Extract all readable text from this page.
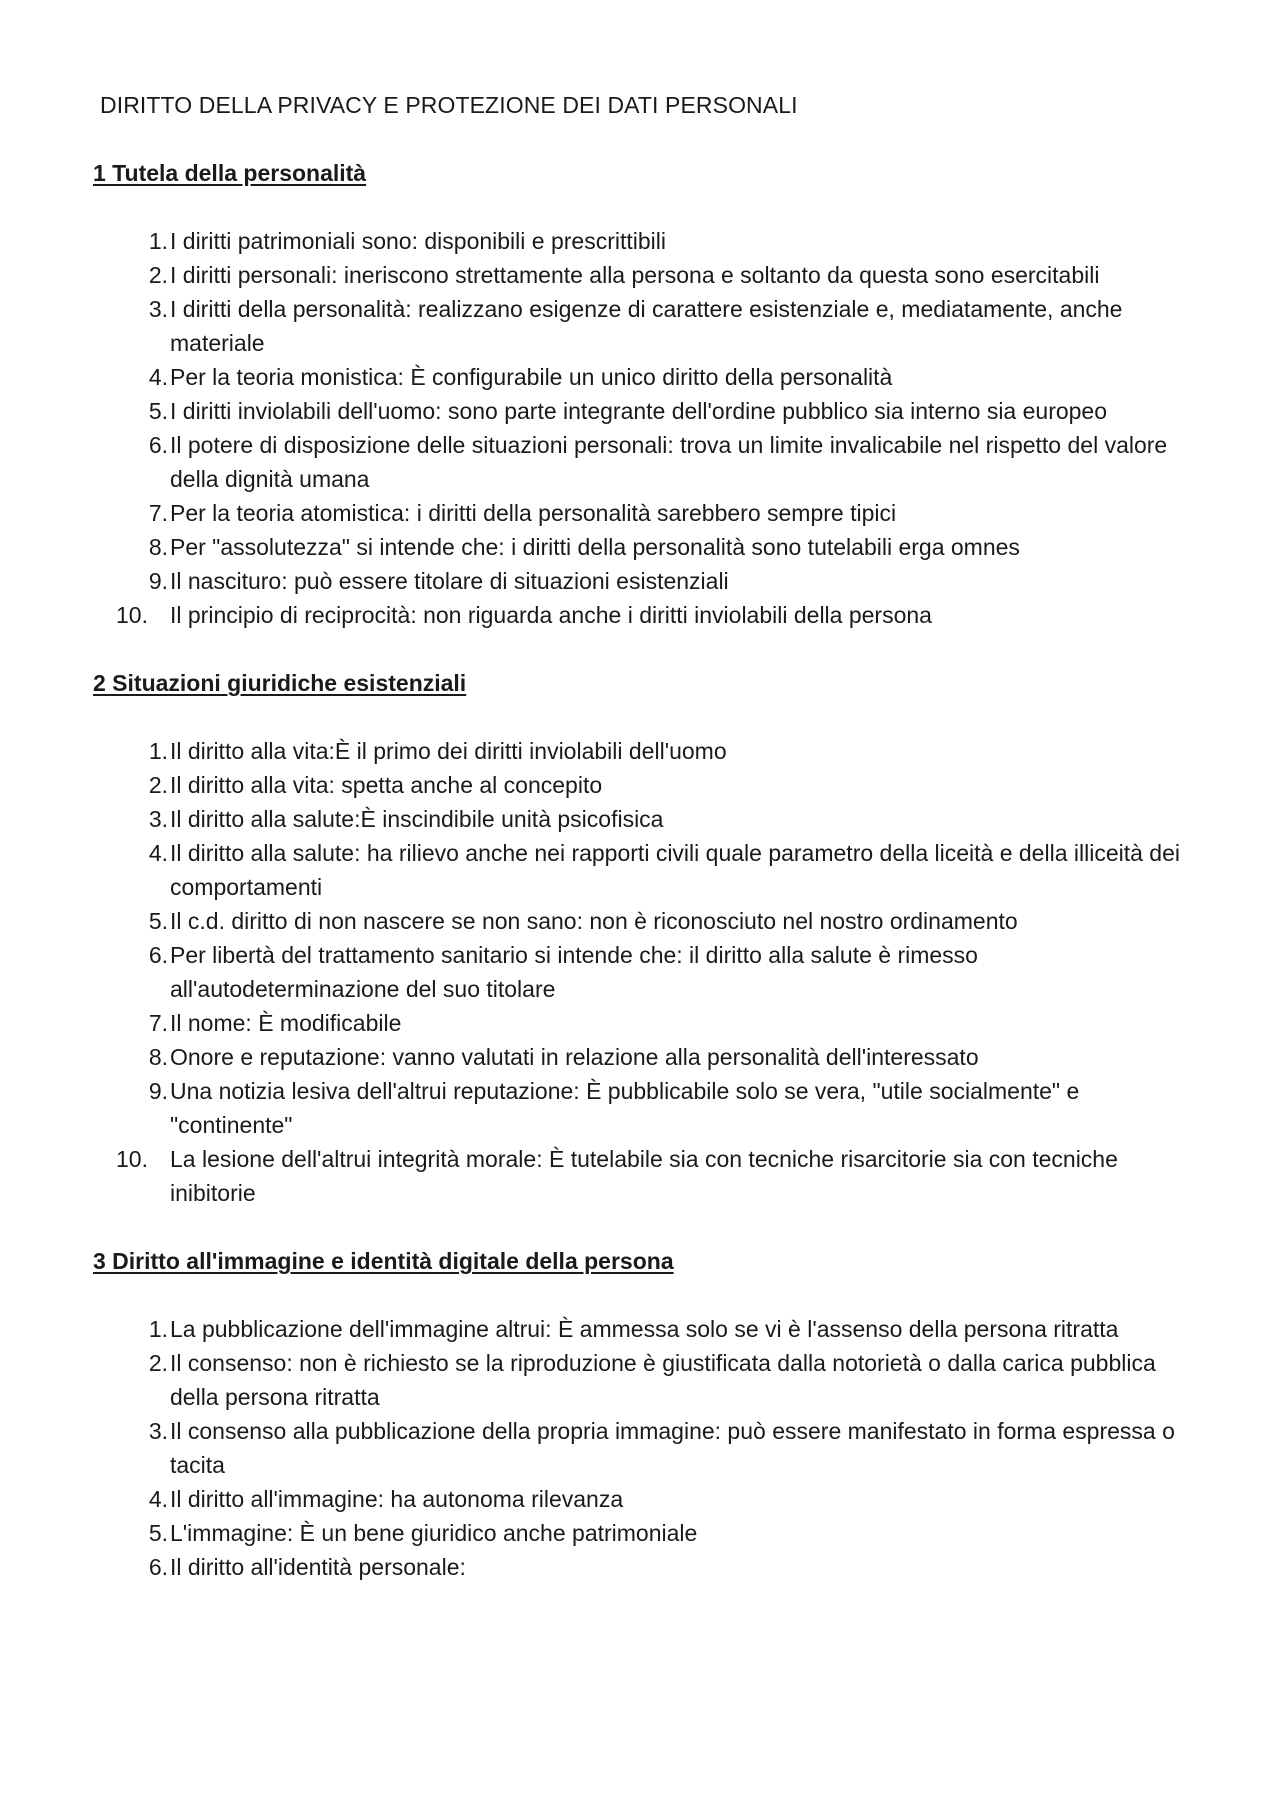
DIRITTO DELLA PRIVACY E PROTEZIONE DEI DATI PERSONALI
1 Tutela della personalità
1. I diritti patrimoniali sono: disponibili e prescrittibili
2. I diritti personali: ineriscono strettamente alla persona e soltanto da questa sono esercitabili
3. I diritti della personalità: realizzano esigenze di carattere esistenziale e, mediatamente, anche materiale
4. Per la teoria monistica: È configurabile un unico diritto della personalità
5. I diritti inviolabili dell'uomo: sono parte integrante dell'ordine pubblico sia interno sia europeo
6. Il potere di disposizione delle situazioni personali: trova un limite invalicabile nel rispetto del valore della dignità umana
7. Per la teoria atomistica: i diritti della personalità sarebbero sempre tipici
8. Per "assolutezza" si intende che: i diritti della personalità sono tutelabili erga omnes
9. Il nascituro: può essere titolare di situazioni esistenziali
10. Il principio di reciprocità: non riguarda anche i diritti inviolabili della persona
2 Situazioni giuridiche esistenziali
1. Il diritto alla vita:È il primo dei diritti inviolabili dell'uomo
2. Il diritto alla vita: spetta anche al concepito
3. Il diritto alla salute:È inscindibile unità psicofisica
4. Il diritto alla salute: ha rilievo anche nei rapporti civili quale parametro della liceità e della illiceità dei comportamenti
5. Il c.d. diritto di non nascere se non sano: non è riconosciuto nel nostro ordinamento
6. Per libertà del trattamento sanitario si intende che: il diritto alla salute è rimesso all'autodeterminazione del suo titolare
7. Il nome: È modificabile
8. Onore e reputazione: vanno valutati in relazione alla personalità dell'interessato
9. Una notizia lesiva dell'altrui reputazione: È pubblicabile solo se vera, "utile socialmente" e "continente"
10. La lesione dell'altrui integrità morale: È tutelabile sia con tecniche risarcitorie sia con tecniche inibitorie
3 Diritto all'immagine e identità digitale della persona
1. La pubblicazione dell'immagine altrui: È ammessa solo se vi è l'assenso della persona ritratta
2. Il consenso: non è richiesto se la riproduzione è giustificata dalla notorietà o dalla carica pubblica della persona ritratta
3. Il consenso alla pubblicazione della propria immagine: può essere manifestato in forma espressa o tacita
4. Il diritto all'immagine: ha autonoma rilevanza
5. L'immagine: È un bene giuridico anche patrimoniale
6. Il diritto all'identità personale:
